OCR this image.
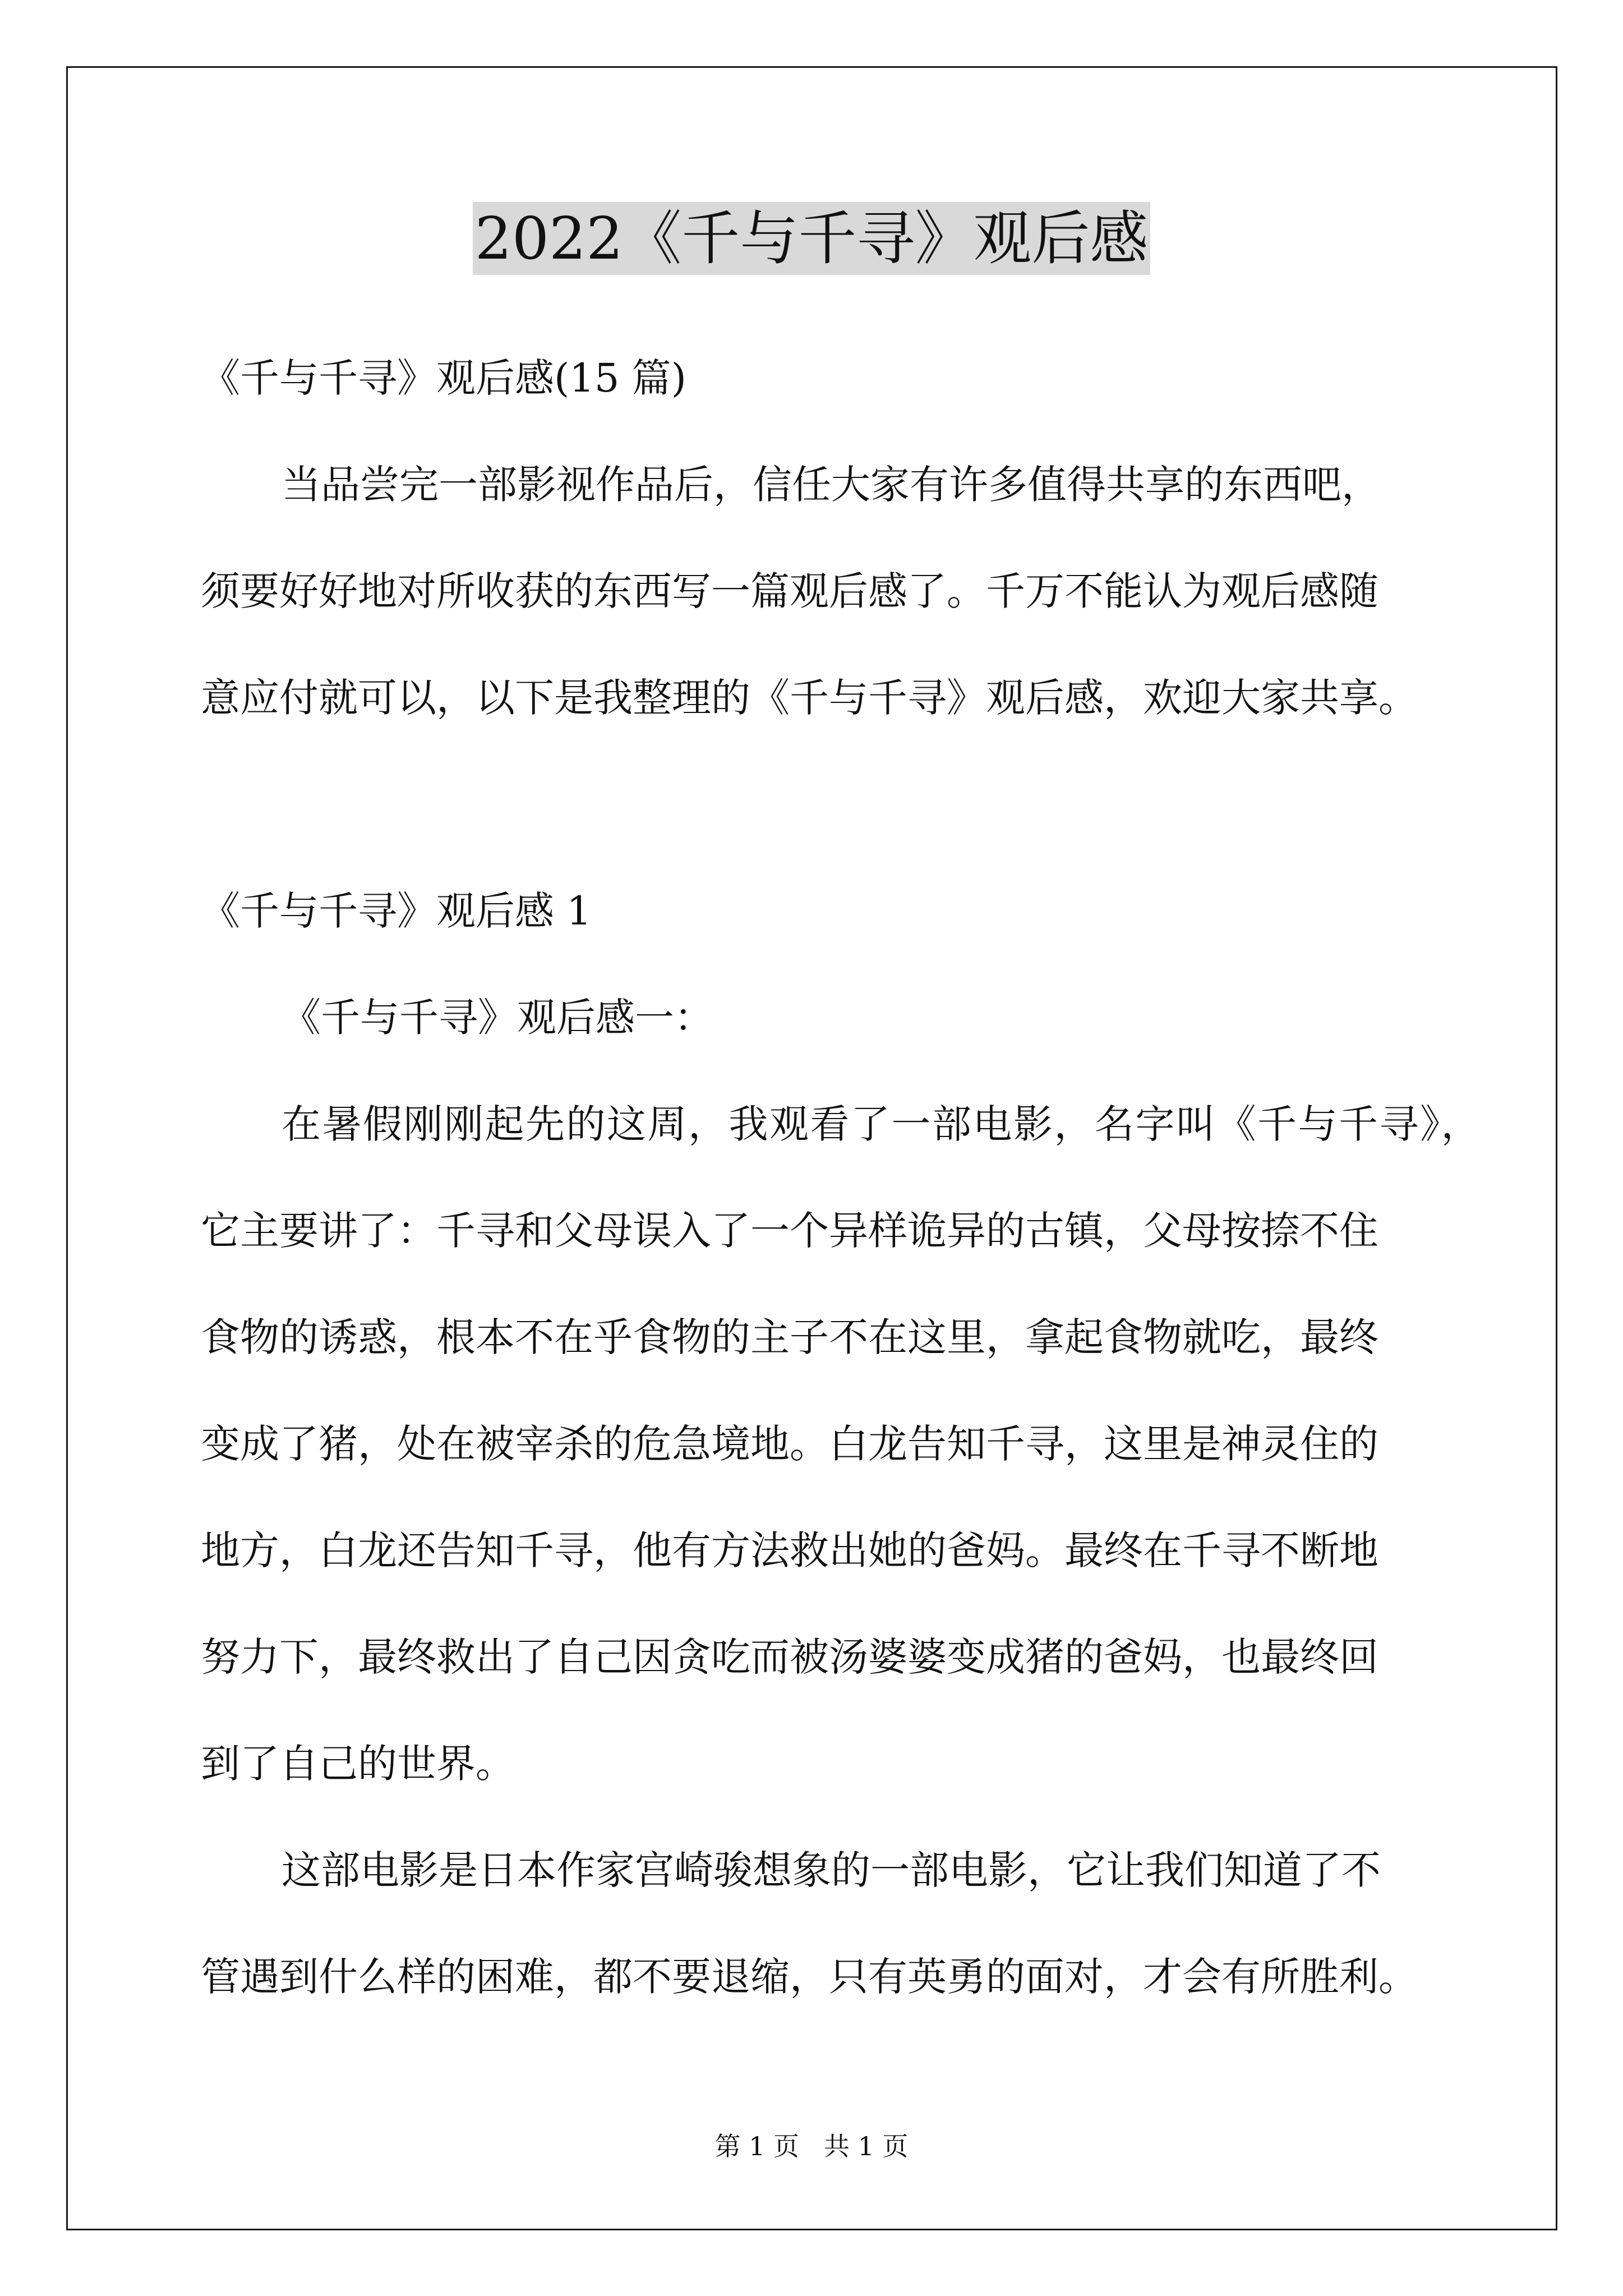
2022《千与千寻》观后感
《千与千寻》观后感(15 篇)
当品尝完一部影视作品后，信任大家有许多值得共享的东西吧，
须要好好地对所收获的东西写一篇观后感了。千万不能认为观后感随
意应付就可以，以下是我整理的《千与千寻》观后感，欢迎大家共享。
《千与千寻》观后感 1
《千与千寻》观后感一：
在暑假刚刚起先的这周，我观看了一部电影，名字叫《千与千寻》，
它主要讲了：千寻和父母误入了一个异样诡异的古镇，父母按捺不住
食物的诱惑，根本不在乎食物的主子不在这里，拿起食物就吃，最终
变成了猪，处在被宰杀的危急境地。白龙告知千寻，这里是神灵住的
地方，白龙还告知千寻，他有方法救出她的爸妈。最终在千寻不断地
努力下，最终救出了自己因贪吃而被汤婆婆变成猪的爸妈，也最终回
到了自己的世界。
这部电影是日本作家宫崎骏想象的一部电影，它让我们知道了不
管遇到什么样的困难，都不要退缩，只有英勇的面对，才会有所胜利。
第 1 页   共 1 页
